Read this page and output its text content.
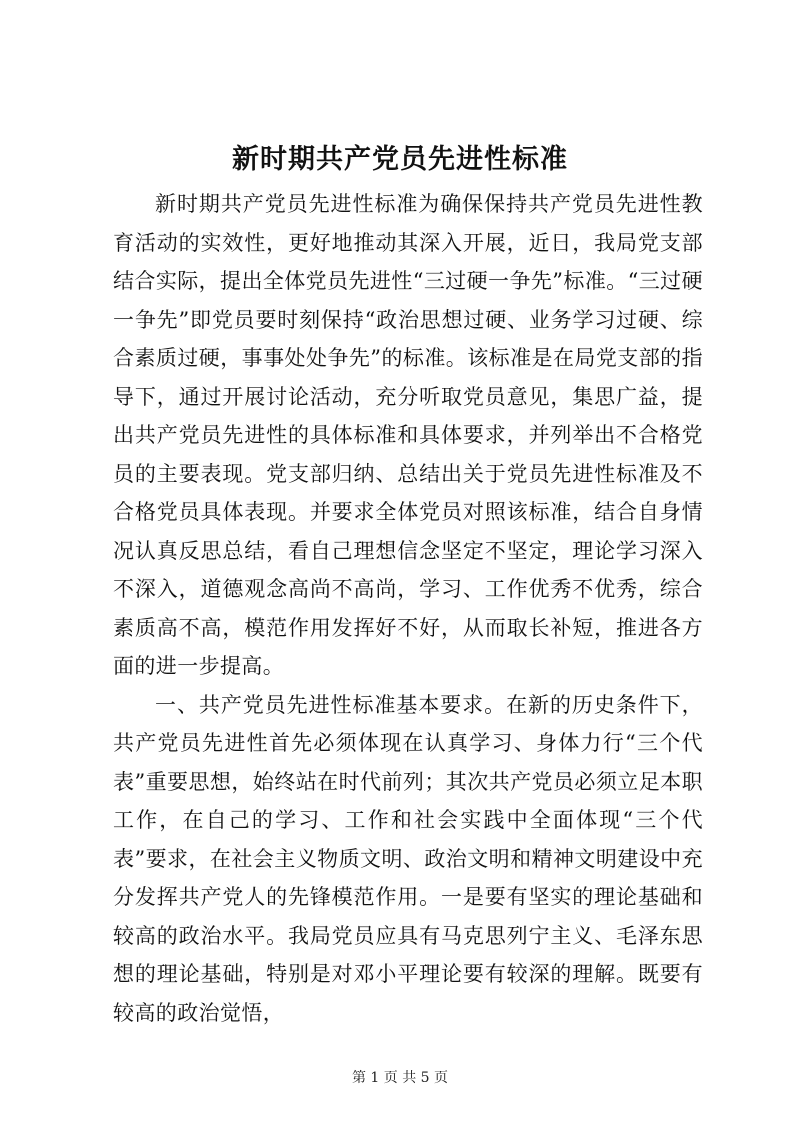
新时期共产党员先进性标准

新时期共产党员先进性标准为确保保持共产党员先进性教育活动的实效性，更好地推动其深入开展，近日，我局党支部结合实际，提出全体党员先进性“三过硬一争先”标准。“三过硬一争先”即党员要时刻保持“政治思想过硬、业务学习过硬、综合素质过硬，事事处处争先”的标准。该标准是在局党支部的指导下，通过开展讨论活动，充分听取党员意见，集思广益，提出共产党员先进性的具体标准和具体要求，并列举出不合格党员的主要表现。党支部归纳、总结出关于党员先进性标准及不合格党员具体表现。并要求全体党员对照该标准，结合自身情况认真反思总结，看自己理想信念坚定不坚定，理论学习深入不深入，道德观念高尚不高尚，学习、工作优秀不优秀，综合素质高不高，模范作用发挥好不好，从而取长补短，推进各方面的进一步提高。

一、共产党员先进性标准基本要求。在新的历史条件下，共产党员先进性首先必须体现在认真学习、身体力行“三个代表”重要思想，始终站在时代前列；其次共产党员必须立足本职工作，在自己的学习、工作和社会实践中全面体现“三个代表”要求，在社会主义物质文明、政治文明和精神文明建设中充分发挥共产党人的先锋模范作用。一是要有坚实的理论基础和较高的政治水平。我局党员应具有马克思列宁主义、毛泽东思想的理论基础，特别是对邓小平理论要有较深的理解。既要有较高的政治觉悟，

第 1 页 共 5 页
